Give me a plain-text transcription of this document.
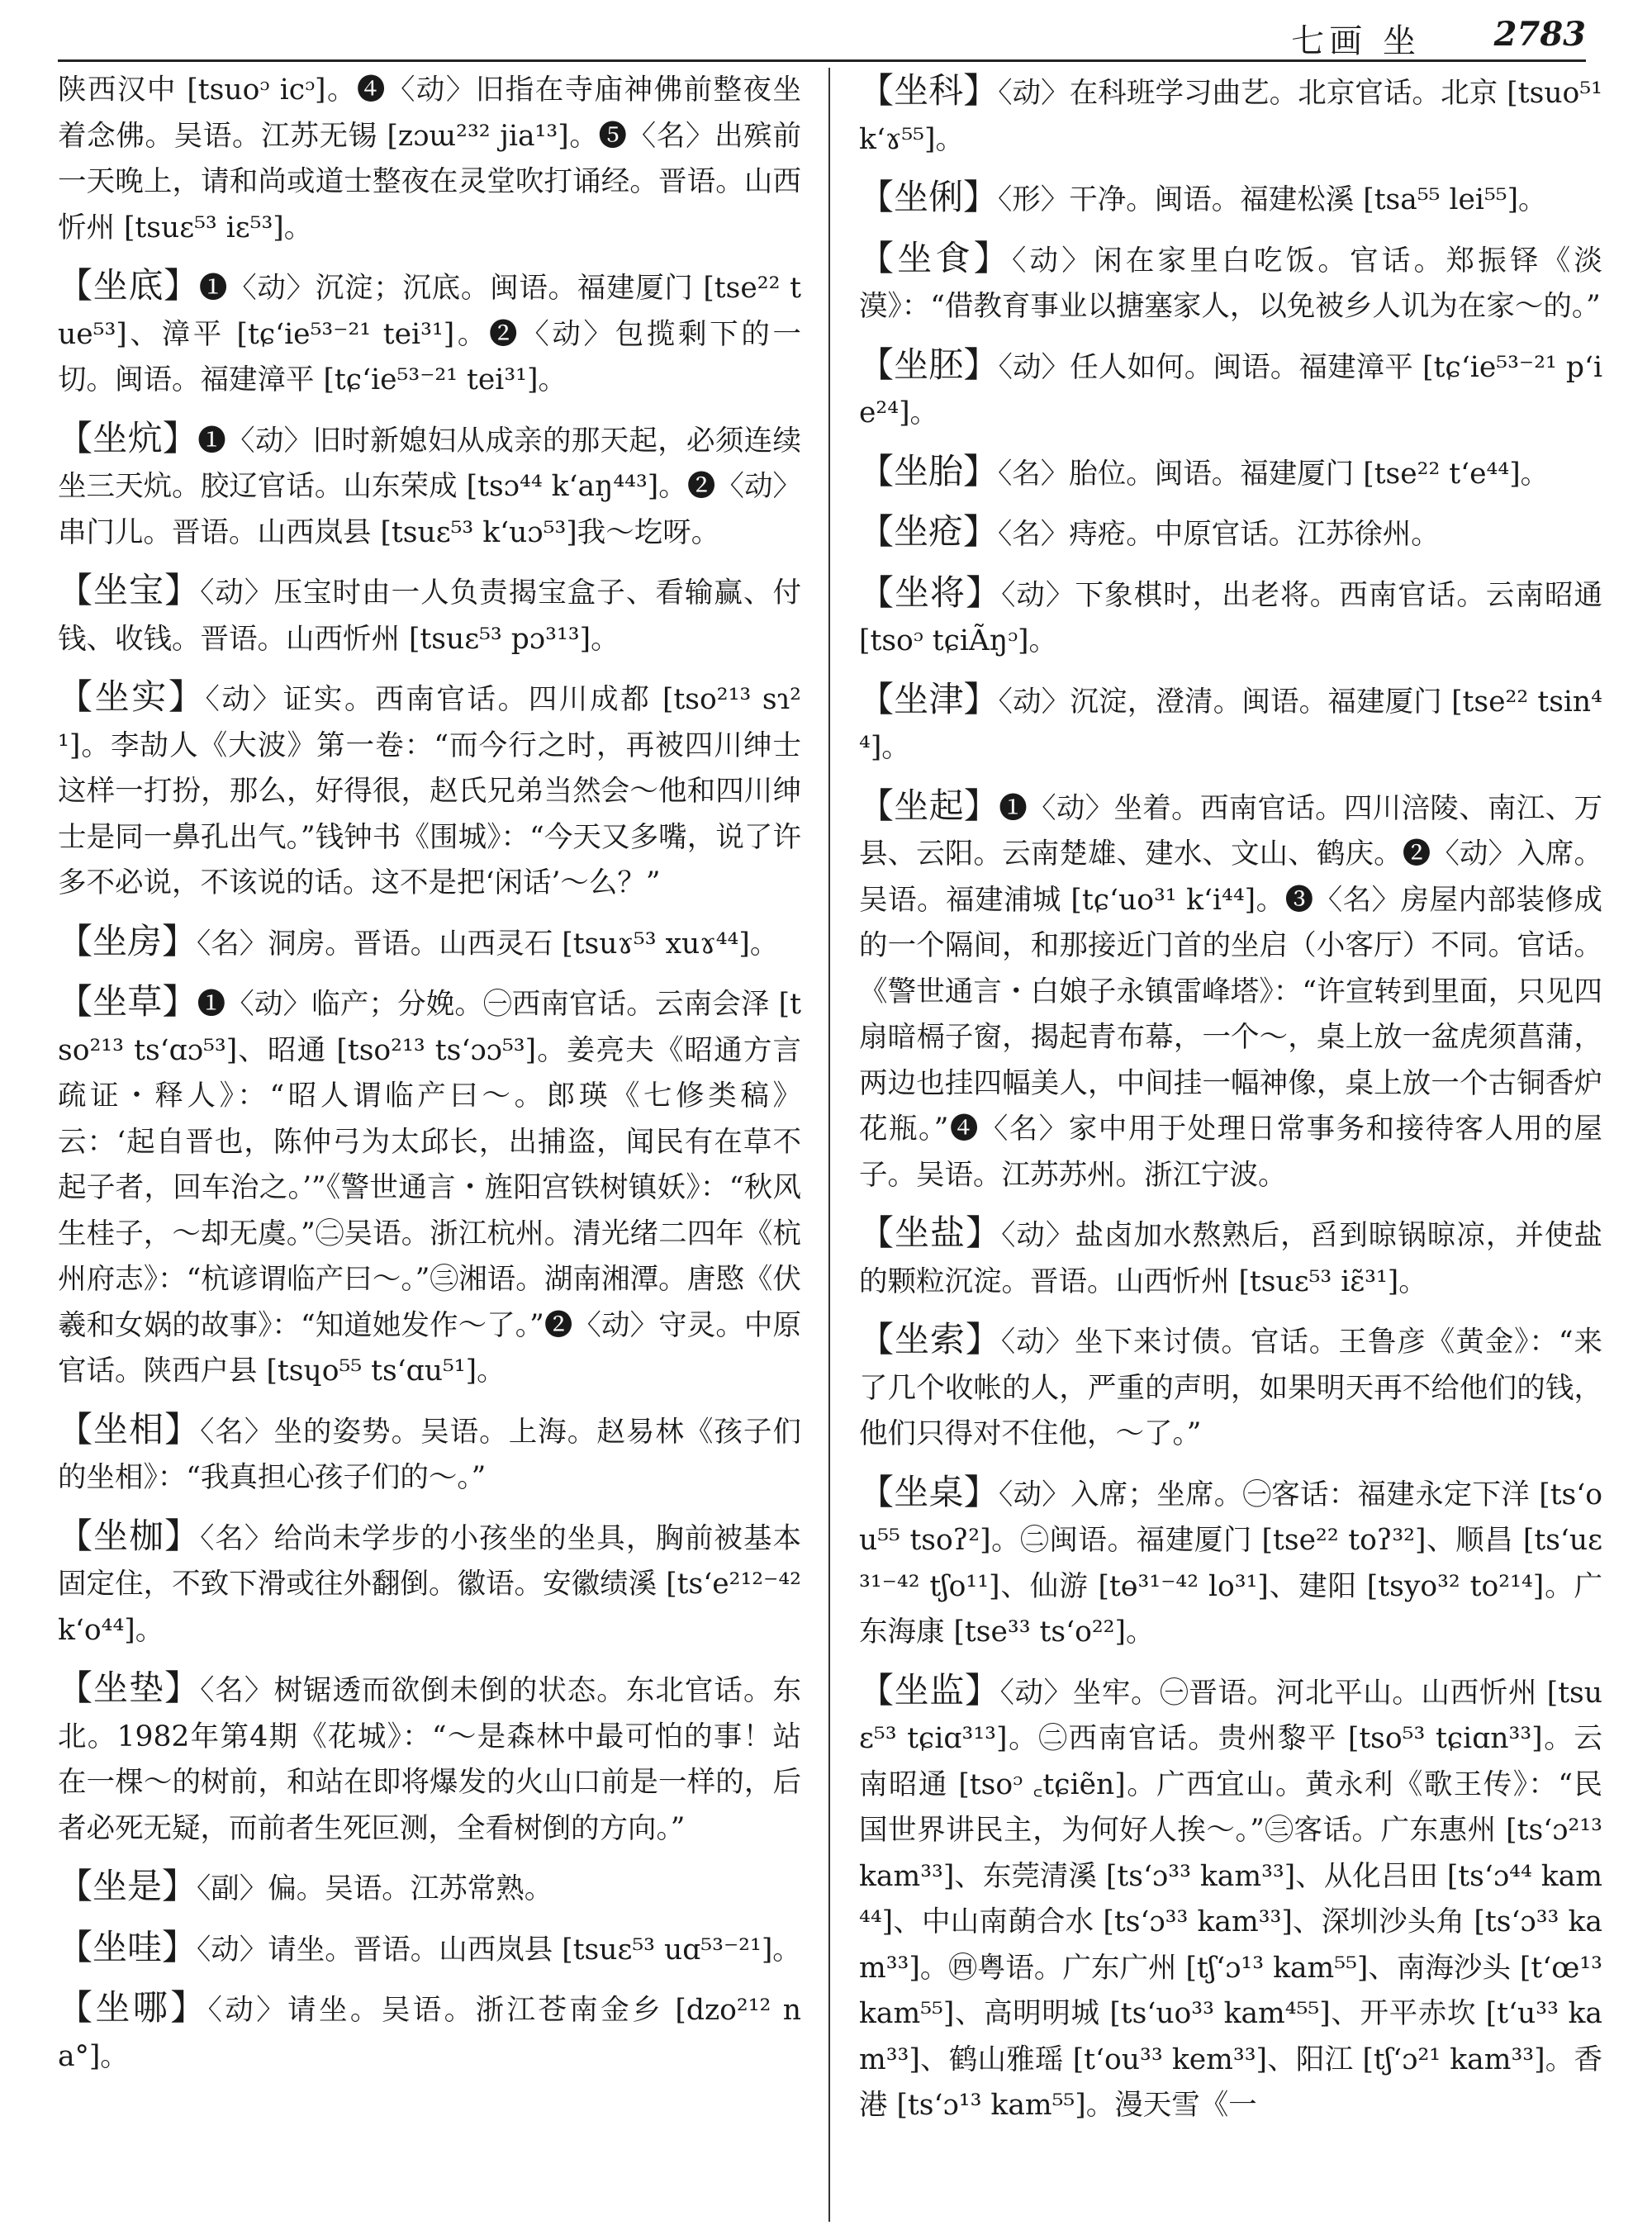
七画 坐 2783
陕西汉中 [tsuoᵓ icᵓ]。❹〈动〉旧指在寺庙神佛前整夜坐着念佛。吴语。江苏无锡 [zɔɯ²³² jia¹³]。❺〈名〉出殡前一天晚上，请和尚或道士整夜在灵堂吹打诵经。晋语。山西忻州 [tsuɛ⁵³ iɛ⁵³]。
【坐底】❶〈动〉沉淀；沉底。闽语。福建厦门 [tse²² tue⁵³]、漳平 [tɕʻie⁵³⁻²¹ tei³¹]。❷〈动〉包揽剩下的一切。闽语。福建漳平 [tɕʻie⁵³⁻²¹ tei³¹]。
【坐炕】❶〈动〉旧时新媳妇从成亲的那天起，必须连续坐三天炕。胶辽官话。山东荣成 [tsɔ⁴⁴ kʻaŋ⁴⁴³]。❷〈动〉串门儿。晋语。山西岚县 [tsuɛ⁵³ kʻuɔ⁵³]我～圪呀。
【坐宝】〈动〉压宝时由一人负责揭宝盒子、看输赢、付钱、收钱。晋语。山西忻州 [tsuɛ⁵³ pɔ³¹³]。
【坐实】〈动〉证实。西南官话。四川成都 [tso²¹³ sɿ²¹]。李劼人《大波》第一卷：“而今行之时，再被四川绅士这样一打扮，那么，好得很，赵氏兄弟当然会～他和四川绅士是同一鼻孔出气。”钱钟书《围城》：“今天又多嘴，说了许多不必说，不该说的话。这不是把‘闲话’～么？”
【坐房】〈名〉洞房。晋语。山西灵石 [tsuɤ⁵³ xuɤ⁴⁴]。
【坐草】❶〈动〉临产；分娩。㊀西南官话。云南会泽 [tso²¹³ tsʻɑɔ⁵³]、昭通 [tso²¹³ tsʻɔɔ⁵³]。姜亮夫《昭通方言疏证・释人》：“昭人谓临产曰～。郎瑛《七修类稿》云：‘起自晋也，陈仲弓为太邱长，出捕盗，闻民有在草不起子者，回车治之。’”《警世通言・旌阳宫铁树镇妖》：“秋风生桂子，～却无虞。”㊁吴语。浙江杭州。清光绪二四年《杭州府志》：“杭谚谓临产曰～。”㊂湘语。湖南湘潭。唐愍《伏羲和女娲的故事》：“知道她发作～了。”❷〈动〉守灵。中原官话。陕西户县 [tsɥo⁵⁵ tsʻɑu⁵¹]。
【坐相】〈名〉坐的姿势。吴语。上海。赵易林《孩子们的坐相》：“我真担心孩子们的～。”
【坐枷】〈名〉给尚未学步的小孩坐的坐具，胸前被基本固定住，不致下滑或往外翻倒。徽语。安徽绩溪 [tsʻe²¹²⁻⁴² kʻo⁴⁴]。
【坐垫】〈名〉树锯透而欲倒未倒的状态。东北官话。东北。1982年第4期《花城》：“～是森林中最可怕的事！站在一棵～的树前，和站在即将爆发的火山口前是一样的，后者必死无疑，而前者生死叵测，全看树倒的方向。”
【坐是】〈副〉偏。吴语。江苏常熟。
【坐哇】〈动〉请坐。晋语。山西岚县 [tsuɛ⁵³ uɑ⁵³⁻²¹]。
【坐哪】〈动〉请坐。吴语。浙江苍南金乡 [dzo²¹² na°]。
【坐科】〈动〉在科班学习曲艺。北京官话。北京 [tsuo⁵¹ kʻɤ⁵⁵]。
【坐俐】〈形〉干净。闽语。福建松溪 [tsa⁵⁵ lei⁵⁵]。
【坐食】〈动〉闲在家里白吃饭。官话。郑振铎《淡漠》：“借教育事业以搪塞家人，以免被乡人讥为在家～的。”
【坐胚】〈动〉任人如何。闽语。福建漳平 [tɕʻie⁵³⁻²¹ pʻie²⁴]。
【坐胎】〈名〉胎位。闽语。福建厦门 [tse²² tʻe⁴⁴]。
【坐疮】〈名〉痔疮。中原官话。江苏徐州。
【坐将】〈动〉下象棋时，出老将。西南官话。云南昭通 [tsoᵓ tɕiÃŋᵓ]。
【坐津】〈动〉沉淀，澄清。闽语。福建厦门 [tse²² tsin⁴⁴]。
【坐起】❶〈动〉坐着。西南官话。四川涪陵、南江、万县、云阳。云南楚雄、建水、文山、鹤庆。❷〈动〉入席。吴语。福建浦城 [tɕʻuo³¹ kʻi⁴⁴]。❸〈名〉房屋内部装修成的一个隔间，和那接近门首的坐启（小客厅）不同。官话。《警世通言・白娘子永镇雷峰塔》：“许宣转到里面，只见四扇暗槅子窗，揭起青布幕，一个～，桌上放一盆虎须菖蒲，两边也挂四幅美人，中间挂一幅神像，桌上放一个古铜香炉花瓶。”❹〈名〉家中用于处理日常事务和接待客人用的屋子。吴语。江苏苏州。浙江宁波。
【坐盐】〈动〉盐卤加水熬熟后，舀到晾锅晾凉，并使盐的颗粒沉淀。晋语。山西忻州 [tsuɛ⁵³ iɛ̃³¹]。
【坐索】〈动〉坐下来讨债。官话。王鲁彦《黄金》：“来了几个收帐的人，严重的声明，如果明天再不给他们的钱，他们只得对不住他，～了。”
【坐桌】〈动〉入席；坐席。㊀客话：福建永定下洋 [tsʻou⁵⁵ tsoʔ²]。㊁闽语。福建厦门 [tse²² toʔ³²]、顺昌 [tsʻuɛ³¹⁻⁴² tʃo¹¹]、仙游 [tɵ³¹⁻⁴² lo³¹]、建阳 [tsyo³² to²¹⁴]。广东海康 [tse³³ tsʻo²²]。
【坐监】〈动〉坐牢。㊀晋语。河北平山。山西忻州 [tsuɛ⁵³ tɕiɑ³¹³]。㊁西南官话。贵州黎平 [tso⁵³ tɕiɑn³³]。云南昭通 [tsoᵓ ꜀tɕiẽn]。广西宜山。黄永利《歌王传》：“民国世界讲民主，为何好人挨～。”㊂客话。广东惠州 [tsʻɔ²¹³ kam³³]、东莞清溪 [tsʻɔ³³ kam³³]、从化吕田 [tsʻɔ⁴⁴ kam⁴⁴]、中山南蓢合水 [tsʻɔ³³ kam³³]、深圳沙头角 [tsʻɔ³³ kam³³]。㊃粤语。广东广州 [tʃʻɔ¹³ kam⁵⁵]、南海沙头 [tʻœ¹³ kam⁵⁵]、高明明城 [tsʻuo³³ kam⁴⁵⁵]、开平赤坎 [tʻu³³ kam³³]、鹤山雅瑶 [tʻou³³ kem³³]、阳江 [tʃʻɔ²¹ kam³³]。香港 [tsʻɔ¹³ kam⁵⁵]。漫天雪《一
